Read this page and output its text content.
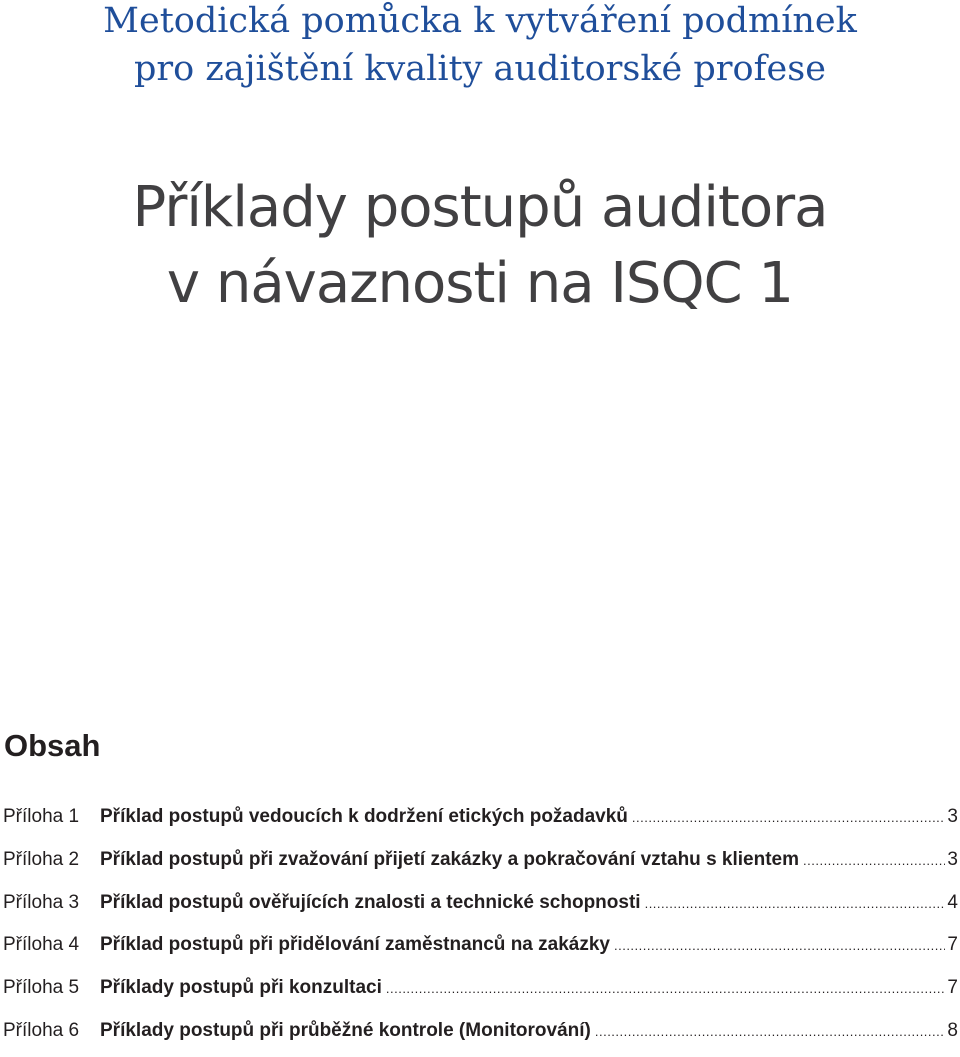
Metodická pomůcka k vytváření podmínek
pro zajištění kvality auditorské profese
Příklady postupů auditora
v návaznosti na ISQC 1
Obsah
Příloha 1	Příklad postupů vedoucích k dodržení etických požadavků .....	3
Příloha 2	Příklad postupů při zvažování přijetí zakázky a pokračování vztahu s klientem .....	3
Příloha 3	Příklad postupů ověřujících znalosti a technické schopnosti .....	4
Příloha 4	Příklad postupů při přidělování zaměstnanců na zakázky .....	7
Příloha 5	Příklady postupů při konzultaci .....	7
Příloha 6	Příklady postupů při průběžné kontrole (Monitorování) .....	8
